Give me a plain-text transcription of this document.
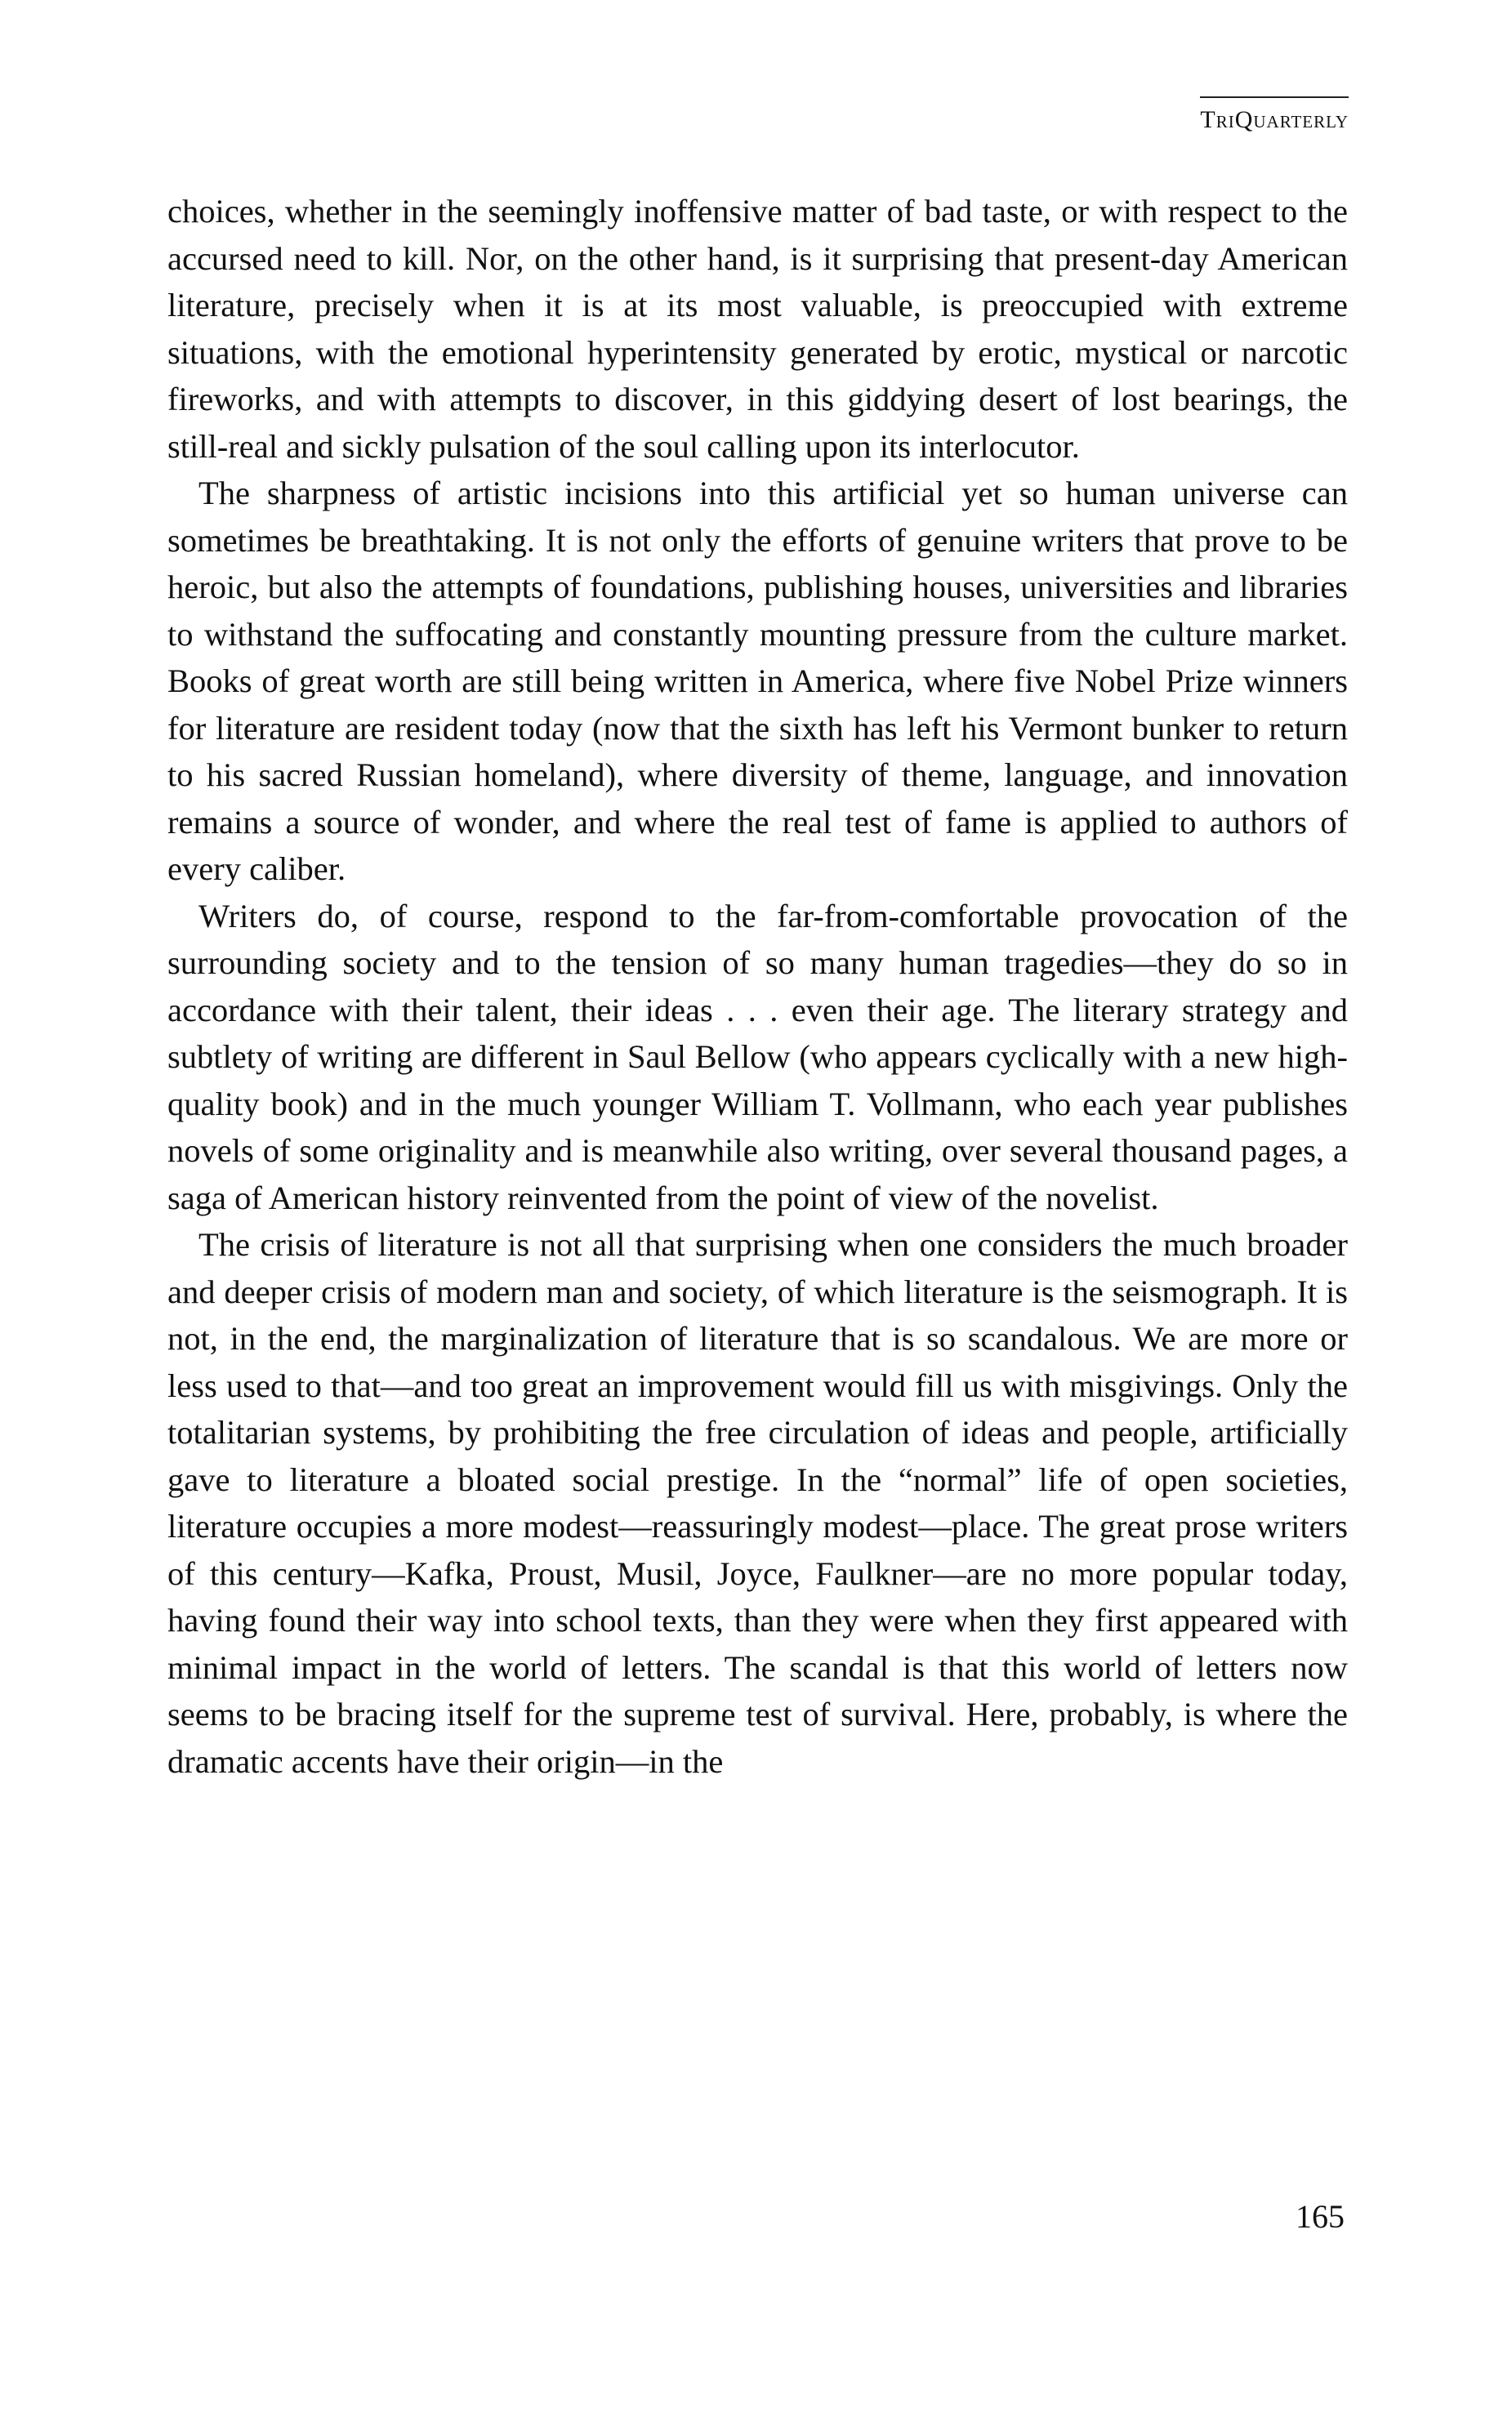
TriQuarterly

choices, whether in the seemingly inoffensive matter of bad taste, or with respect to the accursed need to kill. Nor, on the other hand, is it surprising that present-day American literature, precisely when it is at its most valuable, is preoccupied with extreme situations, with the emotional hyperintensity generated by erotic, mystical or narcotic fireworks, and with attempts to discover, in this giddying desert of lost bearings, the still-real and sickly pulsation of the soul calling upon its interlocutor.

The sharpness of artistic incisions into this artificial yet so human universe can sometimes be breathtaking. It is not only the efforts of genuine writers that prove to be heroic, but also the attempts of foundations, publishing houses, universities and libraries to withstand the suffocating and constantly mounting pressure from the culture market. Books of great worth are still being written in America, where five Nobel Prize winners for literature are resident today (now that the sixth has left his Vermont bunker to return to his sacred Russian homeland), where diversity of theme, language, and innovation remains a source of wonder, and where the real test of fame is applied to authors of every caliber.

Writers do, of course, respond to the far-from-comfortable provocation of the surrounding society and to the tension of so many human tragedies—they do so in accordance with their talent, their ideas . . . even their age. The literary strategy and subtlety of writing are different in Saul Bellow (who appears cyclically with a new high-quality book) and in the much younger William T. Vollmann, who each year publishes novels of some originality and is meanwhile also writing, over several thousand pages, a saga of American history reinvented from the point of view of the novelist.

The crisis of literature is not all that surprising when one considers the much broader and deeper crisis of modern man and society, of which literature is the seismograph. It is not, in the end, the marginalization of literature that is so scandalous. We are more or less used to that—and too great an improvement would fill us with misgivings. Only the totalitarian systems, by prohibiting the free circulation of ideas and people, artificially gave to literature a bloated social prestige. In the “normal” life of open societies, literature occupies a more modest—reassuringly modest—place. The great prose writers of this century—Kafka, Proust, Musil, Joyce, Faulkner—are no more popular today, having found their way into school texts, than they were when they first appeared with minimal impact in the world of letters. The scandal is that this world of letters now seems to be bracing itself for the supreme test of survival. Here, probably, is where the dramatic accents have their origin—in the

165
